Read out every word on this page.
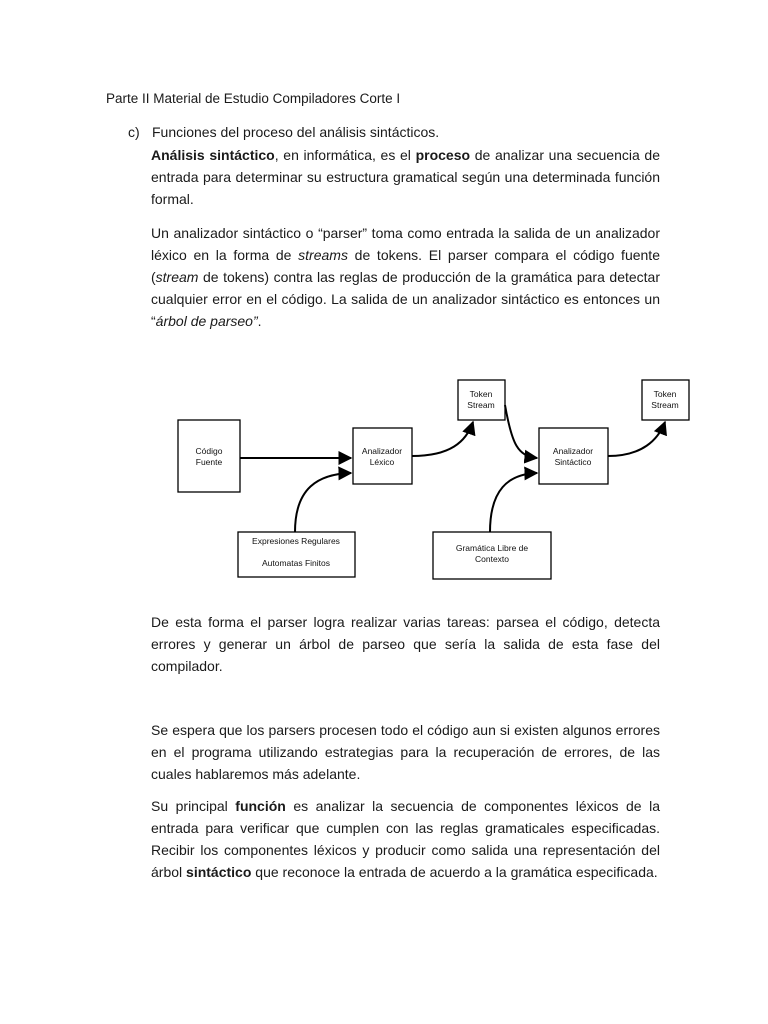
Parte II Material de Estudio Compiladores Corte I
c) Funciones del proceso del análisis sintácticos.

Análisis sintáctico, en informática, es el proceso de analizar una secuencia de entrada para determinar su estructura gramatical según una determinada función formal.

Un analizador sintáctico o “parser” toma como entrada la salida de un analizador léxico en la forma de streams de tokens. El parser compara el código fuente (stream de tokens) contra las reglas de producción de la gramática para detectar cualquier error en el código. La salida de un analizador sintáctico es entonces un “árbol de parseo”.

Código
Fuente
Analizador
Léxico
Token
Stream
Analizador
Sintáctico
Token
Stream
Expresiones Regulares
Automatas Finitos
Gramática Libre de
Contexto

De esta forma el parser logra realizar varias tareas: parsea el código, detecta errores y generar un árbol de parseo que sería la salida de esta fase del compilador.

Se espera que los parsers procesen todo el código aun si existen algunos errores en el programa utilizando estrategias para la recuperación de errores, de las cuales hablaremos más adelante.

Su principal función es analizar la secuencia de componentes léxicos de la entrada para verificar que cumplen con las reglas gramaticales especificadas. Recibir los componentes léxicos y producir como salida una representación del árbol sintáctico que reconoce la entrada de acuerdo a la gramática especificada.
